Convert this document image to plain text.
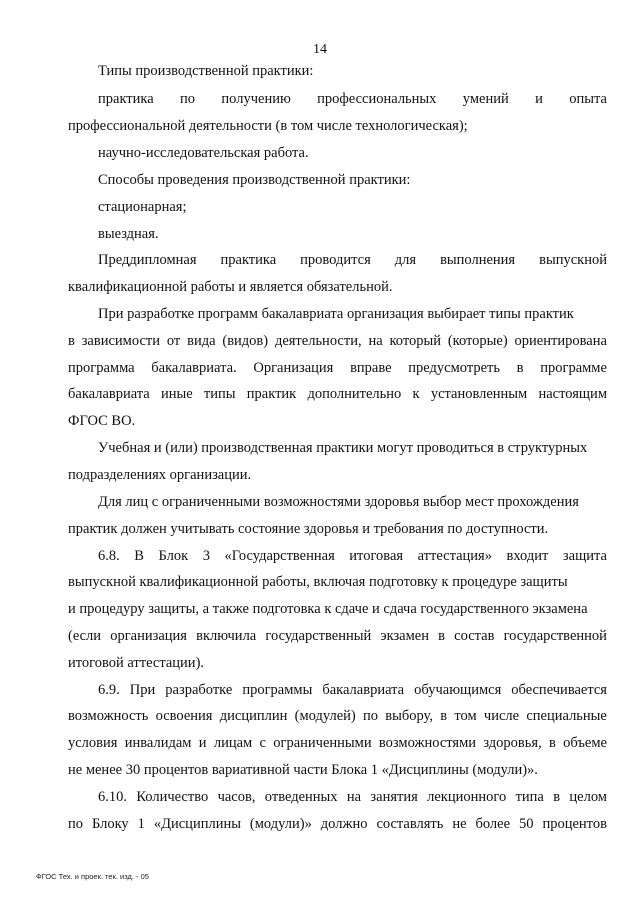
14
Типы производственной практики:
практика по получению профессиональных умений и опыта
профессиональной деятельности (в том числе технологическая);
научно-исследовательская работа.
Способы проведения производственной практики:
стационарная;
выездная.
Преддипломная практика проводится для выполнения выпускной
квалификационной работы и является обязательной.
При разработке программ бакалавриата организация выбирает типы практик
в зависимости от вида (видов) деятельности, на который (которые) ориентирована
программа бакалавриата. Организация вправе предусмотреть в программе
бакалавриата иные типы практик дополнительно к установленным настоящим
ФГОС ВО.
Учебная и (или) производственная практики могут проводиться в структурных
подразделениях организации.
Для лиц с ограниченными возможностями здоровья выбор мест прохождения
практик должен учитывать состояние здоровья и требования по доступности.
6.8. В Блок 3 «Государственная итоговая аттестация» входит защита
выпускной квалификационной работы, включая подготовку к процедуре защиты
и процедуру защиты, а также подготовка к сдаче и сдача государственного экзамена
(если организация включила государственный экзамен в состав государственной
итоговой аттестации).
6.9. При разработке программы бакалавриата обучающимся обеспечивается
возможность освоения дисциплин (модулей) по выбору, в том числе специальные
условия инвалидам и лицам с ограниченными возможностями здоровья, в объеме
не менее 30 процентов вариативной части Блока 1 «Дисциплины (модули)».
6.10. Количество часов, отведенных на занятия лекционного типа в целом
по Блоку 1 «Дисциплины (модули)» должно составлять не более 50 процентов
ФГОС Тех. и проек. тек. изд. - 05
